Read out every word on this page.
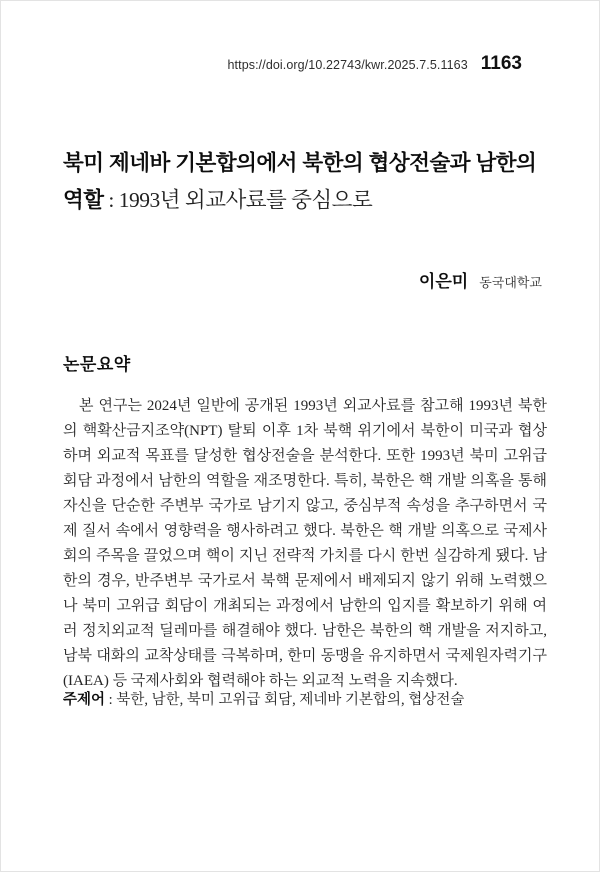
https://doi.org/10.22743/kwr.2025.7.5.1163 1163
북미 제네바 기본합의에서 북한의 협상전술과 남한의 역할 : 1993년 외교사료를 중심으로
이은미 동국대학교
논문요약

본 연구는 2024년 일반에 공개된 1993년 외교사료를 참고해 1993년 북한의 핵확산금지조약(NPT) 탈퇴 이후 1차 북핵 위기에서 북한이 미국과 협상하며 외교적 목표를 달성한 협상전술을 분석한다. 또한 1993년 북미 고위급 회담 과정에서 남한의 역할을 재조명한다. 특히, 북한은 핵 개발 의혹을 통해 자신을 단순한 주변부 국가로 남기지 않고, 중심부적 속성을 추구하면서 국제 질서 속에서 영향력을 행사하려고 했다. 북한은 핵 개발 의혹으로 국제사회의 주목을 끌었으며 핵이 지닌 전략적 가치를 다시 한번 실감하게 됐다. 남한의 경우, 반주변부 국가로서 북핵 문제에서 배제되지 않기 위해 노력했으나 북미 고위급 회담이 개최되는 과정에서 남한의 입지를 확보하기 위해 여러 정치외교적 딜레마를 해결해야 했다. 남한은 북한의 핵 개발을 저지하고, 남북 대화의 교착상태를 극복하며, 한미 동맹을 유지하면서 국제원자력기구(IAEA) 등 국제사회와 협력해야 하는 외교적 노력을 지속했다.

주제어 : 북한, 남한, 북미 고위급 회담, 제네바 기본합의, 협상전술
